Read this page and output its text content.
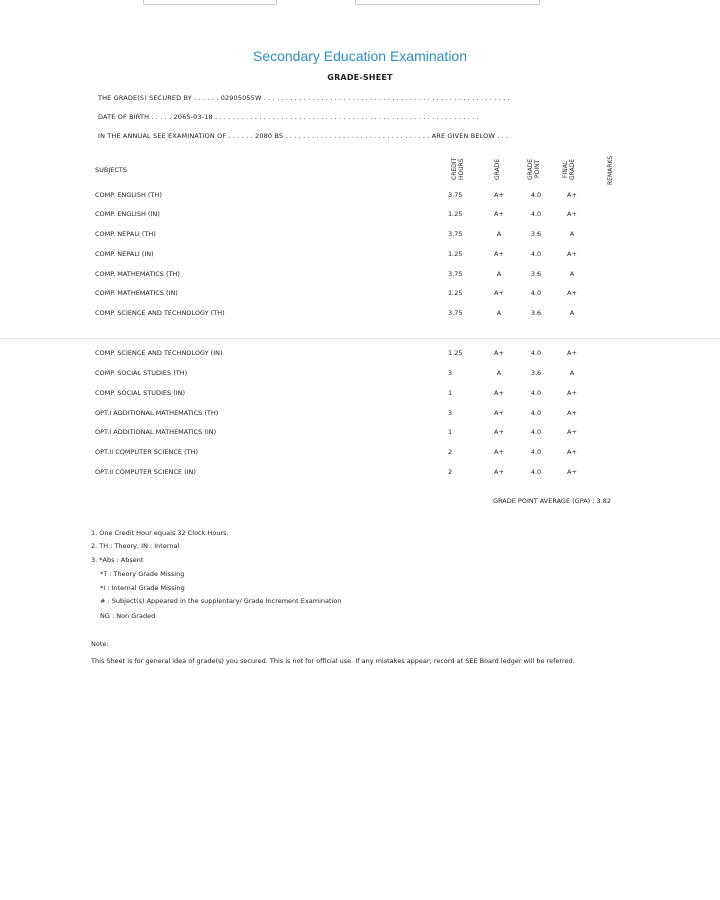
Secondary Education Examination
GRADE-SHEET
THE GRADE(S) SECURED BY . . . . . . 02905055W . . . . . . . . . . . . . . . . . . . . . . . . . . . . . . . . . . . . . . . . . . . . . . . . . . . . . . . .
DATE OF BIRTH . . . . . 2065-03-18 . . . . . . . . . . . . . . . . . . . . . . . . . . . . . . . . . . . . . . . . . . . . . . . . . . . . . . . . . . . .
IN THE ANNUAL SEE EXAMINATION OF . . . . . . 2080 BS . . . . . . . . . . . . . . . . . . . . . . . . . . . . . . . . . ARE GIVEN BELOW . . .
SUBJECTS	CREDIT HOURS	GRADE	GRADE POINT	FINAL GRADE	REMARKS
COMP. ENGLISH (TH)	3.75	A+	4.0	A+
COMP. ENGLISH (IN)	1.25	A+	4.0	A+
COMP. NEPALI (TH)	3.75	A	3.6	A
COMP. NEPALI (IN)	1.25	A+	4.0	A+
COMP. MATHEMATICS (TH)	3.75	A	3.6	A
COMP. MATHEMATICS (IN)	1.25	A+	4.0	A+
COMP. SCIENCE AND TECHNOLOGY (TH)	3.75	A	3.6	A
COMP. SCIENCE AND TECHNOLOGY (IN)	1.25	A+	4.0	A+
COMP. SOCIAL STUDIES (TH)	3	A	3.6	A
COMP. SOCIAL STUDIES (IN)	1	A+	4.0	A+
OPT.I ADDITIONAL MATHEMATICS (TH)	3	A+	4.0	A+
OPT.I ADDITIONAL MATHEMATICS (IN)	1	A+	4.0	A+
OPT.II COMPUTER SCIENCE (TH)	2	A+	4.0	A+
OPT.II COMPUTER SCIENCE (IN)	2	A+	4.0	A+
GRADE POINT AVERAGE (GPA) : 3.82
1. One Credit Hour equals 32 Clock Hours.
2. TH : Theory, IN : Internal
3. *Abs : Absent
*T : Theory Grade Missing
*I : Internal Grade Missing
# : Subject(s) Appeared in the supplentary/ Grade Increment Examination
NG : Non Graded
Note:
This Sheet is for general idea of grade(s) you secured. This is not for official use. If any mistakes appear; record at SEE Board ledger will be referred.
